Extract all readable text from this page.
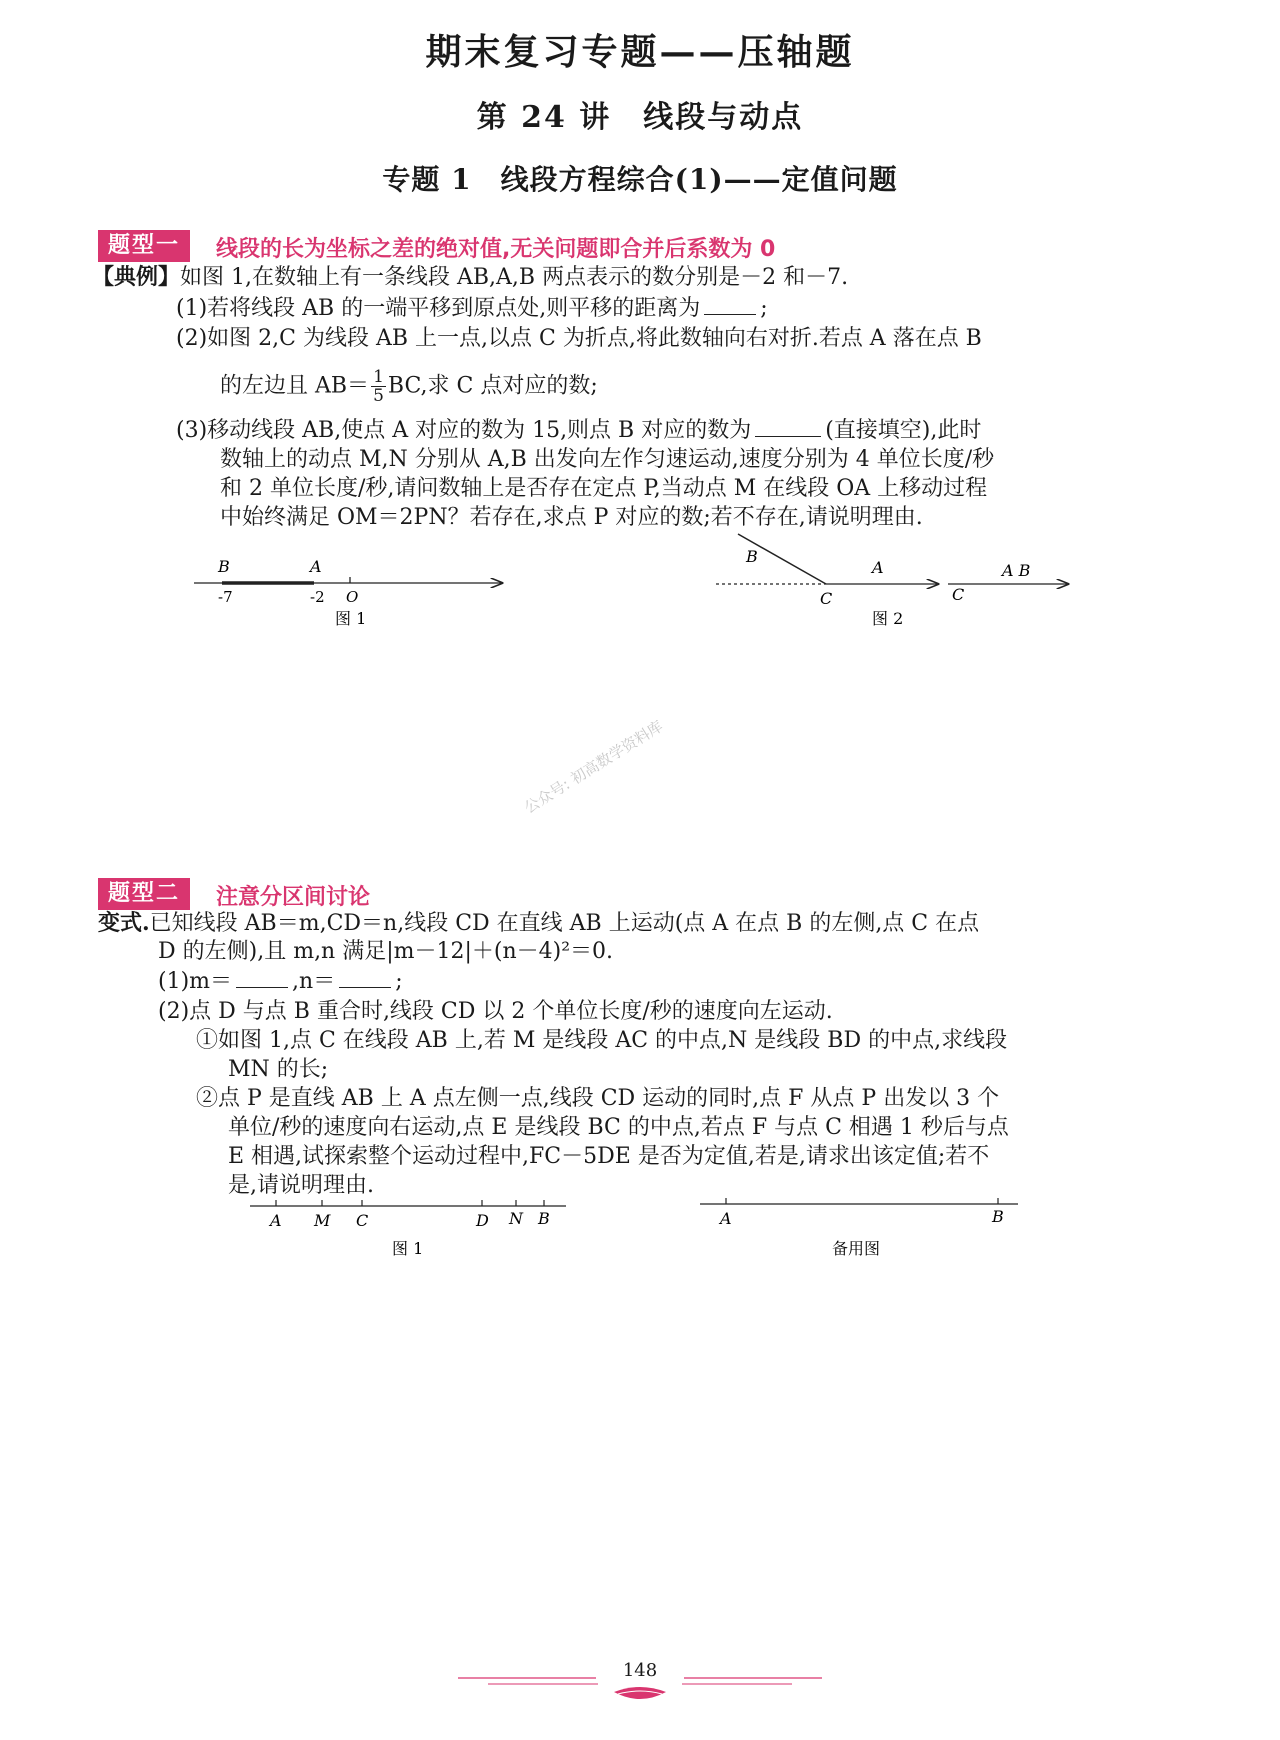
期末复习专题——压轴题
第 24 讲　线段与动点
专题 1　线段方程综合(1)——定值问题
题型一 线段的长为坐标之差的绝对值,无关问题即合并后系数为 0
【典例】如图 1,在数轴上有一条线段 AB,A,B 两点表示的数分别是－2 和－7.
(1)若将线段 AB 的一端平移到原点处,则平移的距离为	;
(2)如图 2,C 为线段 AB 上一点,以点 C 为折点,将此数轴向右对折.若点 A 落在点 B
的左边且 $AB= \frac{1}{5}$ BC,求 C 点对应的数;
(3)移动线段 AB,使点 A 对应的数为 15,则点 B 对应的数为	(直接填空),此时
数轴上的动点 M,N 分别从 A,B 出发向左作匀速运动,速度分别为 4 单位长度/秒
和 2 单位长度/秒,请问数轴上是否存在定点 P,当动点 M 在线段 OA 上移动过程
中始终满足 OM＝2PN？若存在,求点 P 对应的数;若不存在,请说明理由.
B	A
-7	-2 O
图 1
B
A
C	C
A B
图 2
公众号: 初高数学资料库
题型二 注意分区间讨论
变式.已知线段 AB＝m,CD＝n,线段 CD 在直线 AB 上运动(点 A 在点 B 的左侧,点 C 在点
D 的左侧),且 m,n 满足|m－12|＋(n－4)²＝0.
(1)m＝	,n＝	;
(2)点 D 与点 B 重合时,线段 CD 以 2 个单位长度/秒的速度向左运动.
①如图 1,点 C 在线段 AB 上,若 M 是线段 AC 的中点,N 是线段 BD 的中点,求线段
MN 的长;
②点 P 是直线 AB 上 A 点左侧一点,线段 CD 运动的同时,点 F 从点 P 出发以 3 个
单位/秒的速度向右运动,点 E 是线段 BC 的中点,若点 F 与点 C 相遇 1 秒后与点
E 相遇,试探索整个运动过程中,FC－5DE 是否为定值,若是,请求出该定值;若不
是,请说明理由.
A M C	D N B
图 1
A	B
备用图
148
